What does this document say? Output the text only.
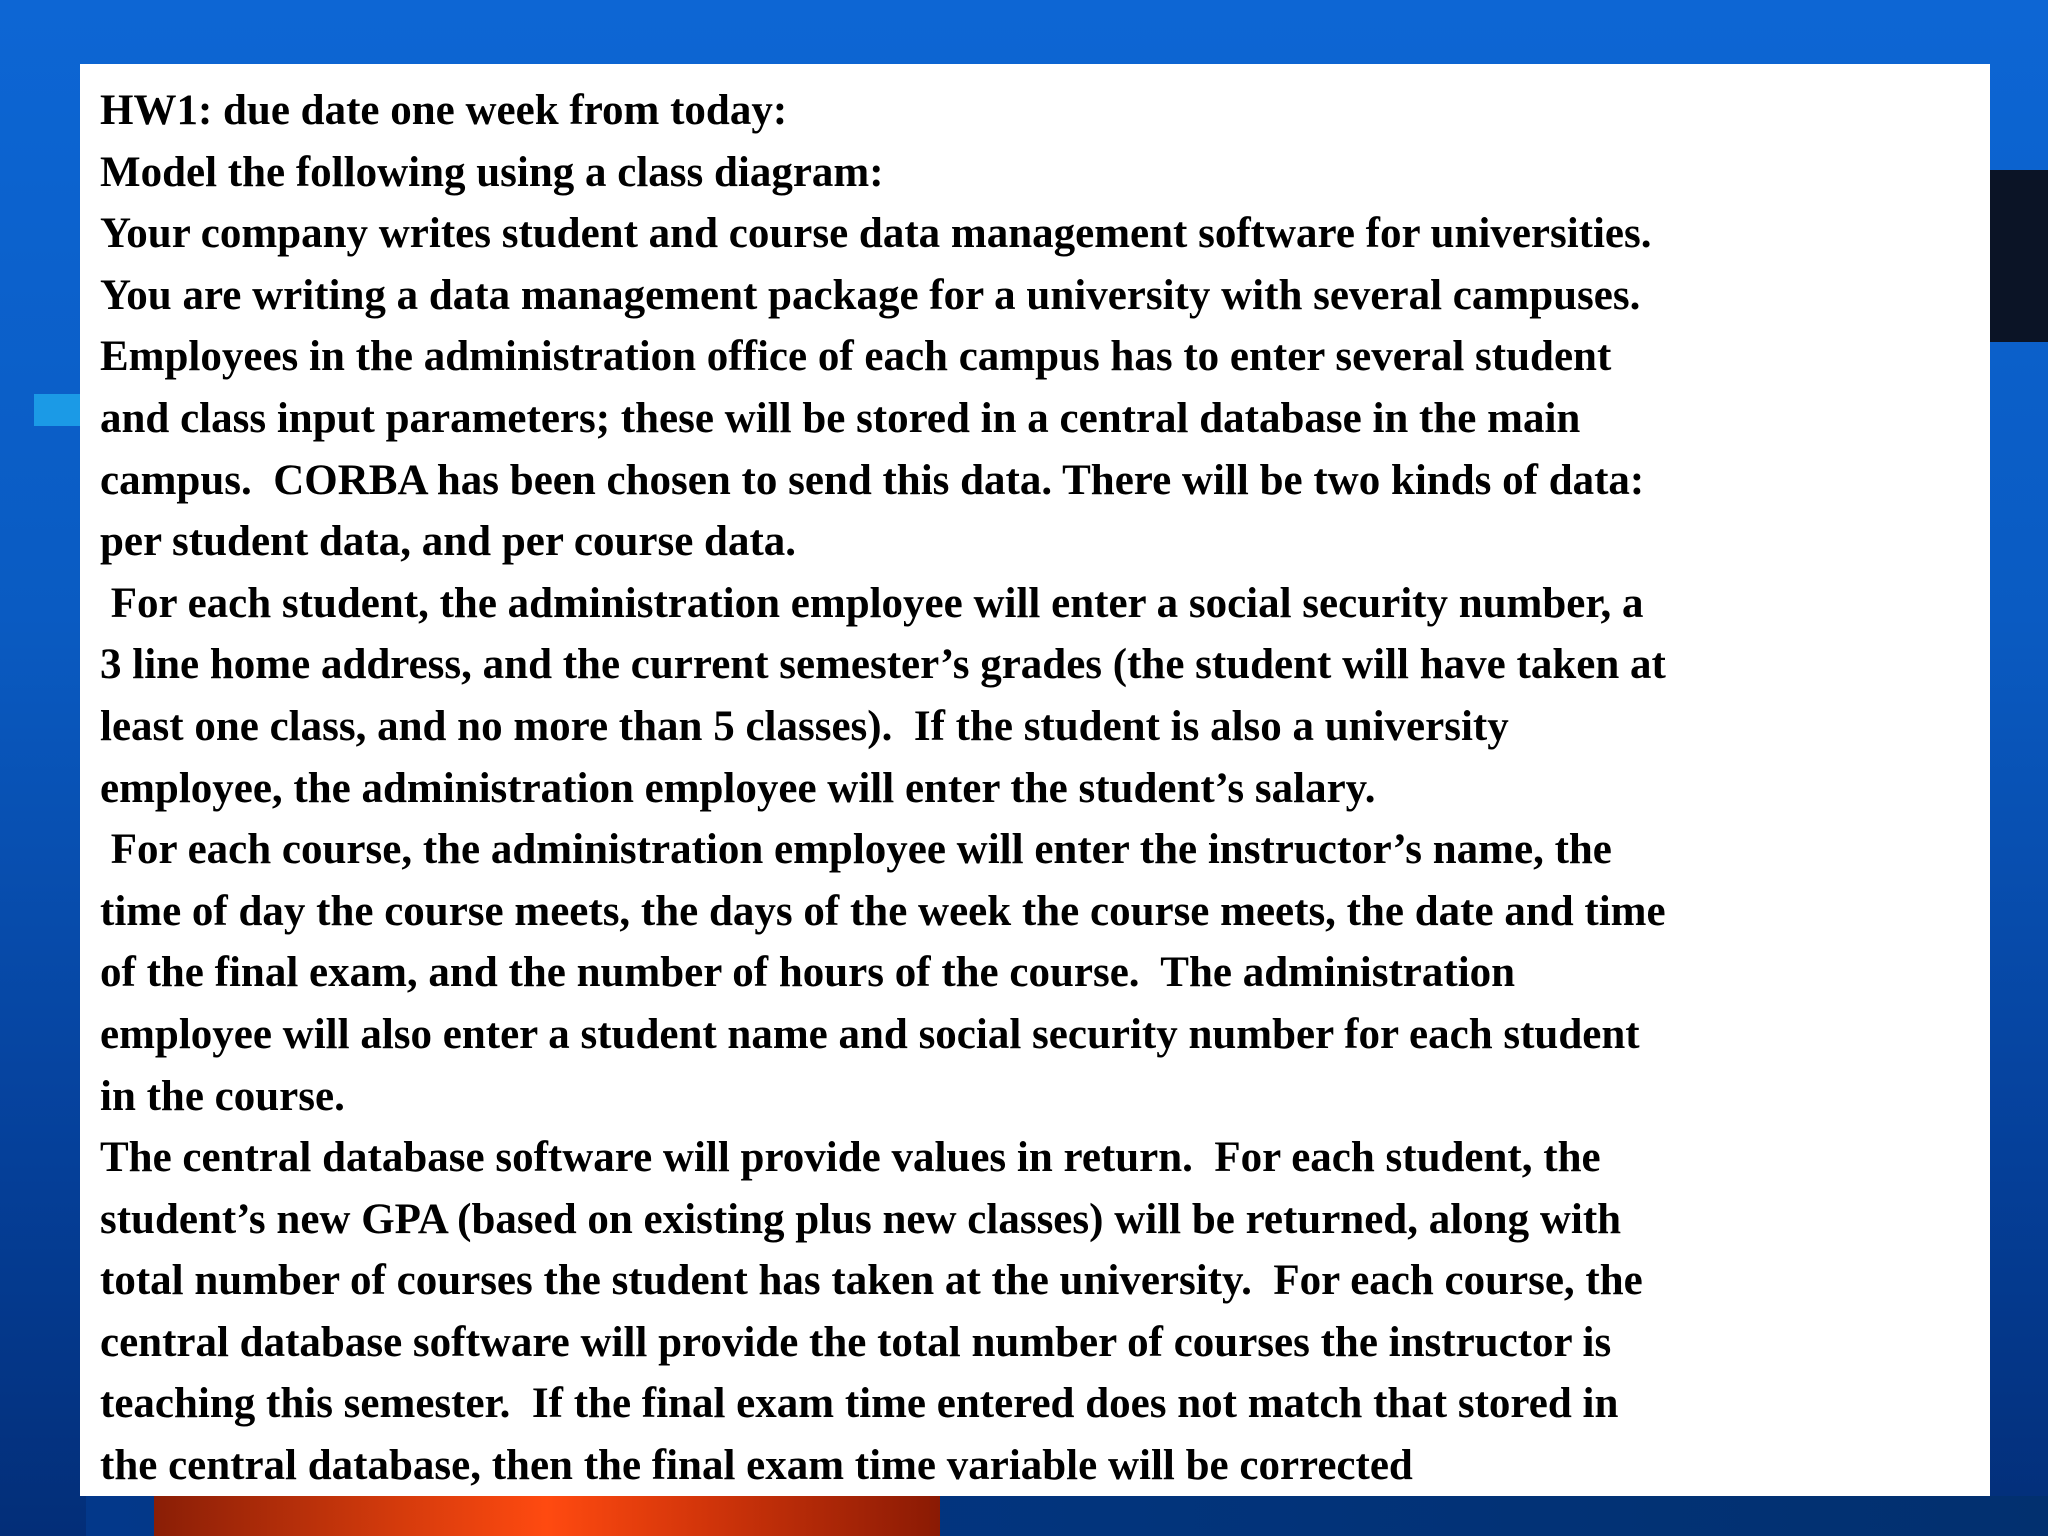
HW1: due date one week from today:
Model the following using a class diagram:
Your company writes student and course data management software for universities.
You are writing a data management package for a university with several campuses.
Employees in the administration office of each campus has to enter several student
and class input parameters; these will be stored in a central database in the main
campus.  CORBA has been chosen to send this data. There will be two kinds of data:
per student data, and per course data.
For each student, the administration employee will enter a social security number, a
3 line home address, and the current semester’s grades (the student will have taken at
least one class, and no more than 5 classes).  If the student is also a university
employee, the administration employee will enter the student’s salary.
For each course, the administration employee will enter the instructor’s name, the
time of day the course meets, the days of the week the course meets, the date and time
of the final exam, and the number of hours of the course.  The administration
employee will also enter a student name and social security number for each student
in the course.
The central database software will provide values in return.  For each student, the
student’s new GPA (based on existing plus new classes) will be returned, along with
total number of courses the student has taken at the university.  For each course, the
central database software will provide the total number of courses the instructor is
teaching this semester.  If the final exam time entered does not match that stored in
the central database, then the final exam time variable will be corrected
